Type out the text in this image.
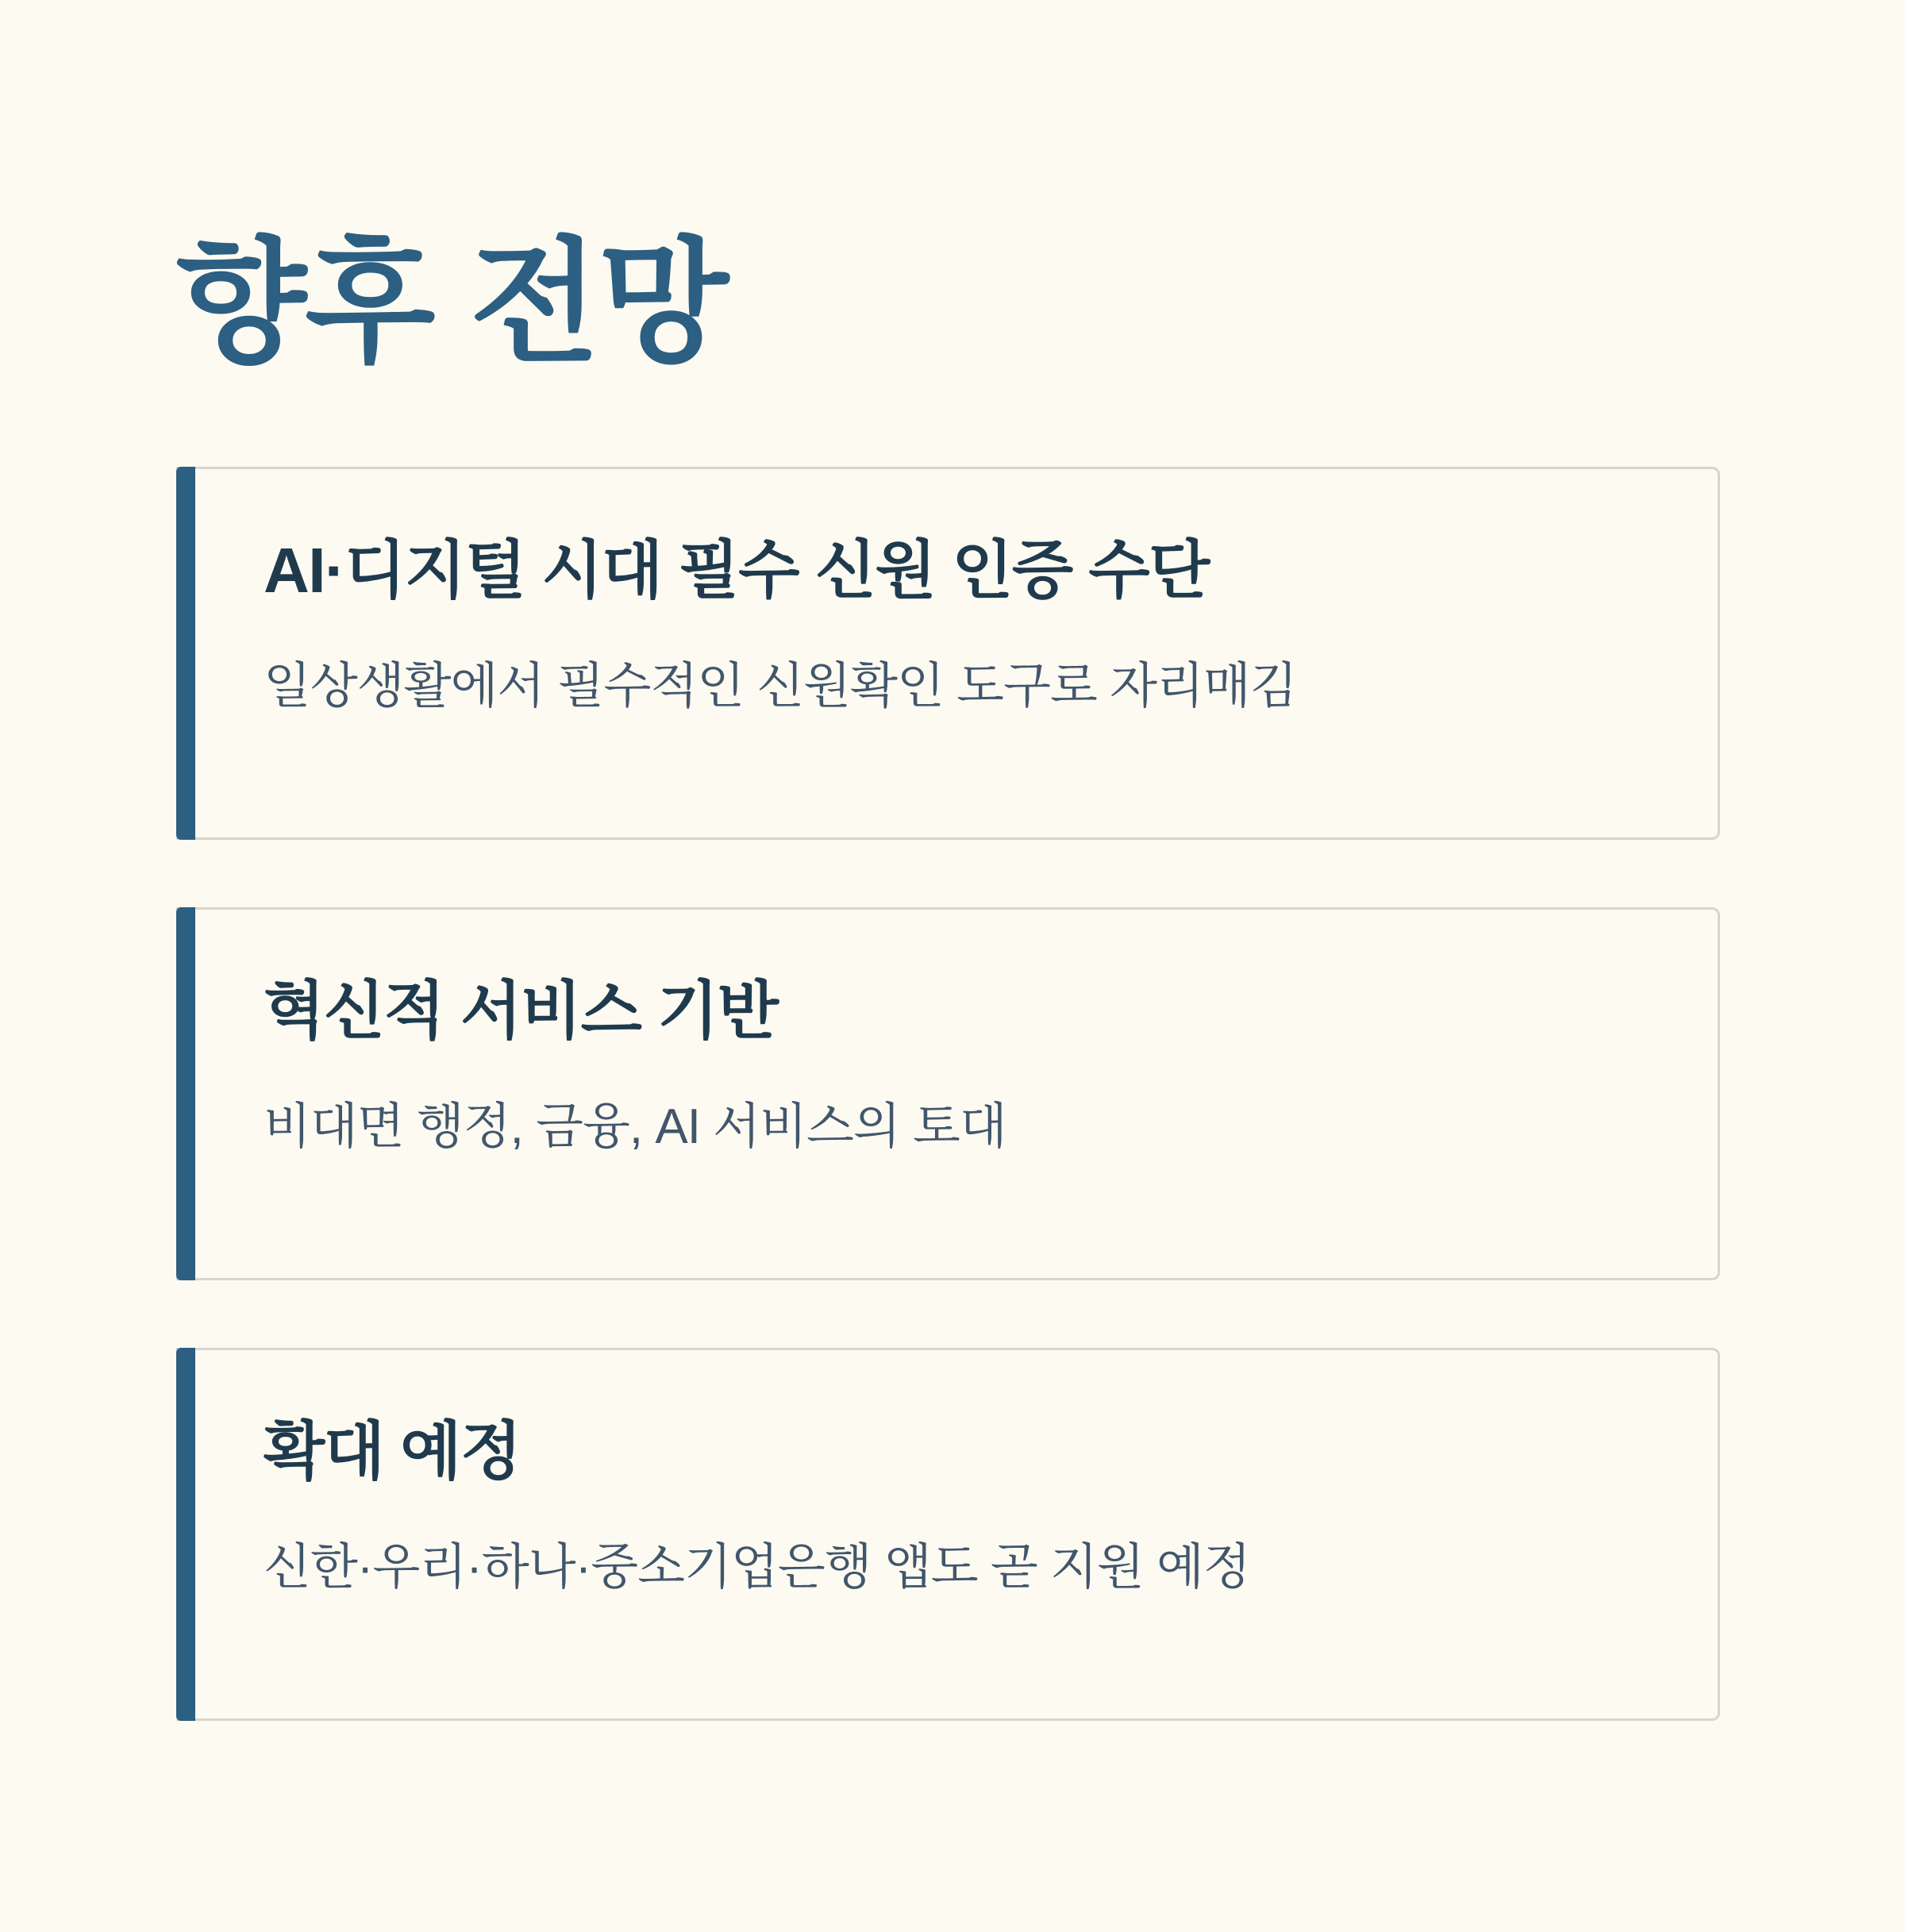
향후 전망
AI·디지털 시대 필수 신원 인증 수단
일상생활에서 필수적인 신원확인 도구로 자리매김
혁신적 서비스 기반
비대면 행정, 금융, AI 서비스의 토대
확대 예정
신한·우리·하나·중소기업은행 앱도 곧 지원 예정
